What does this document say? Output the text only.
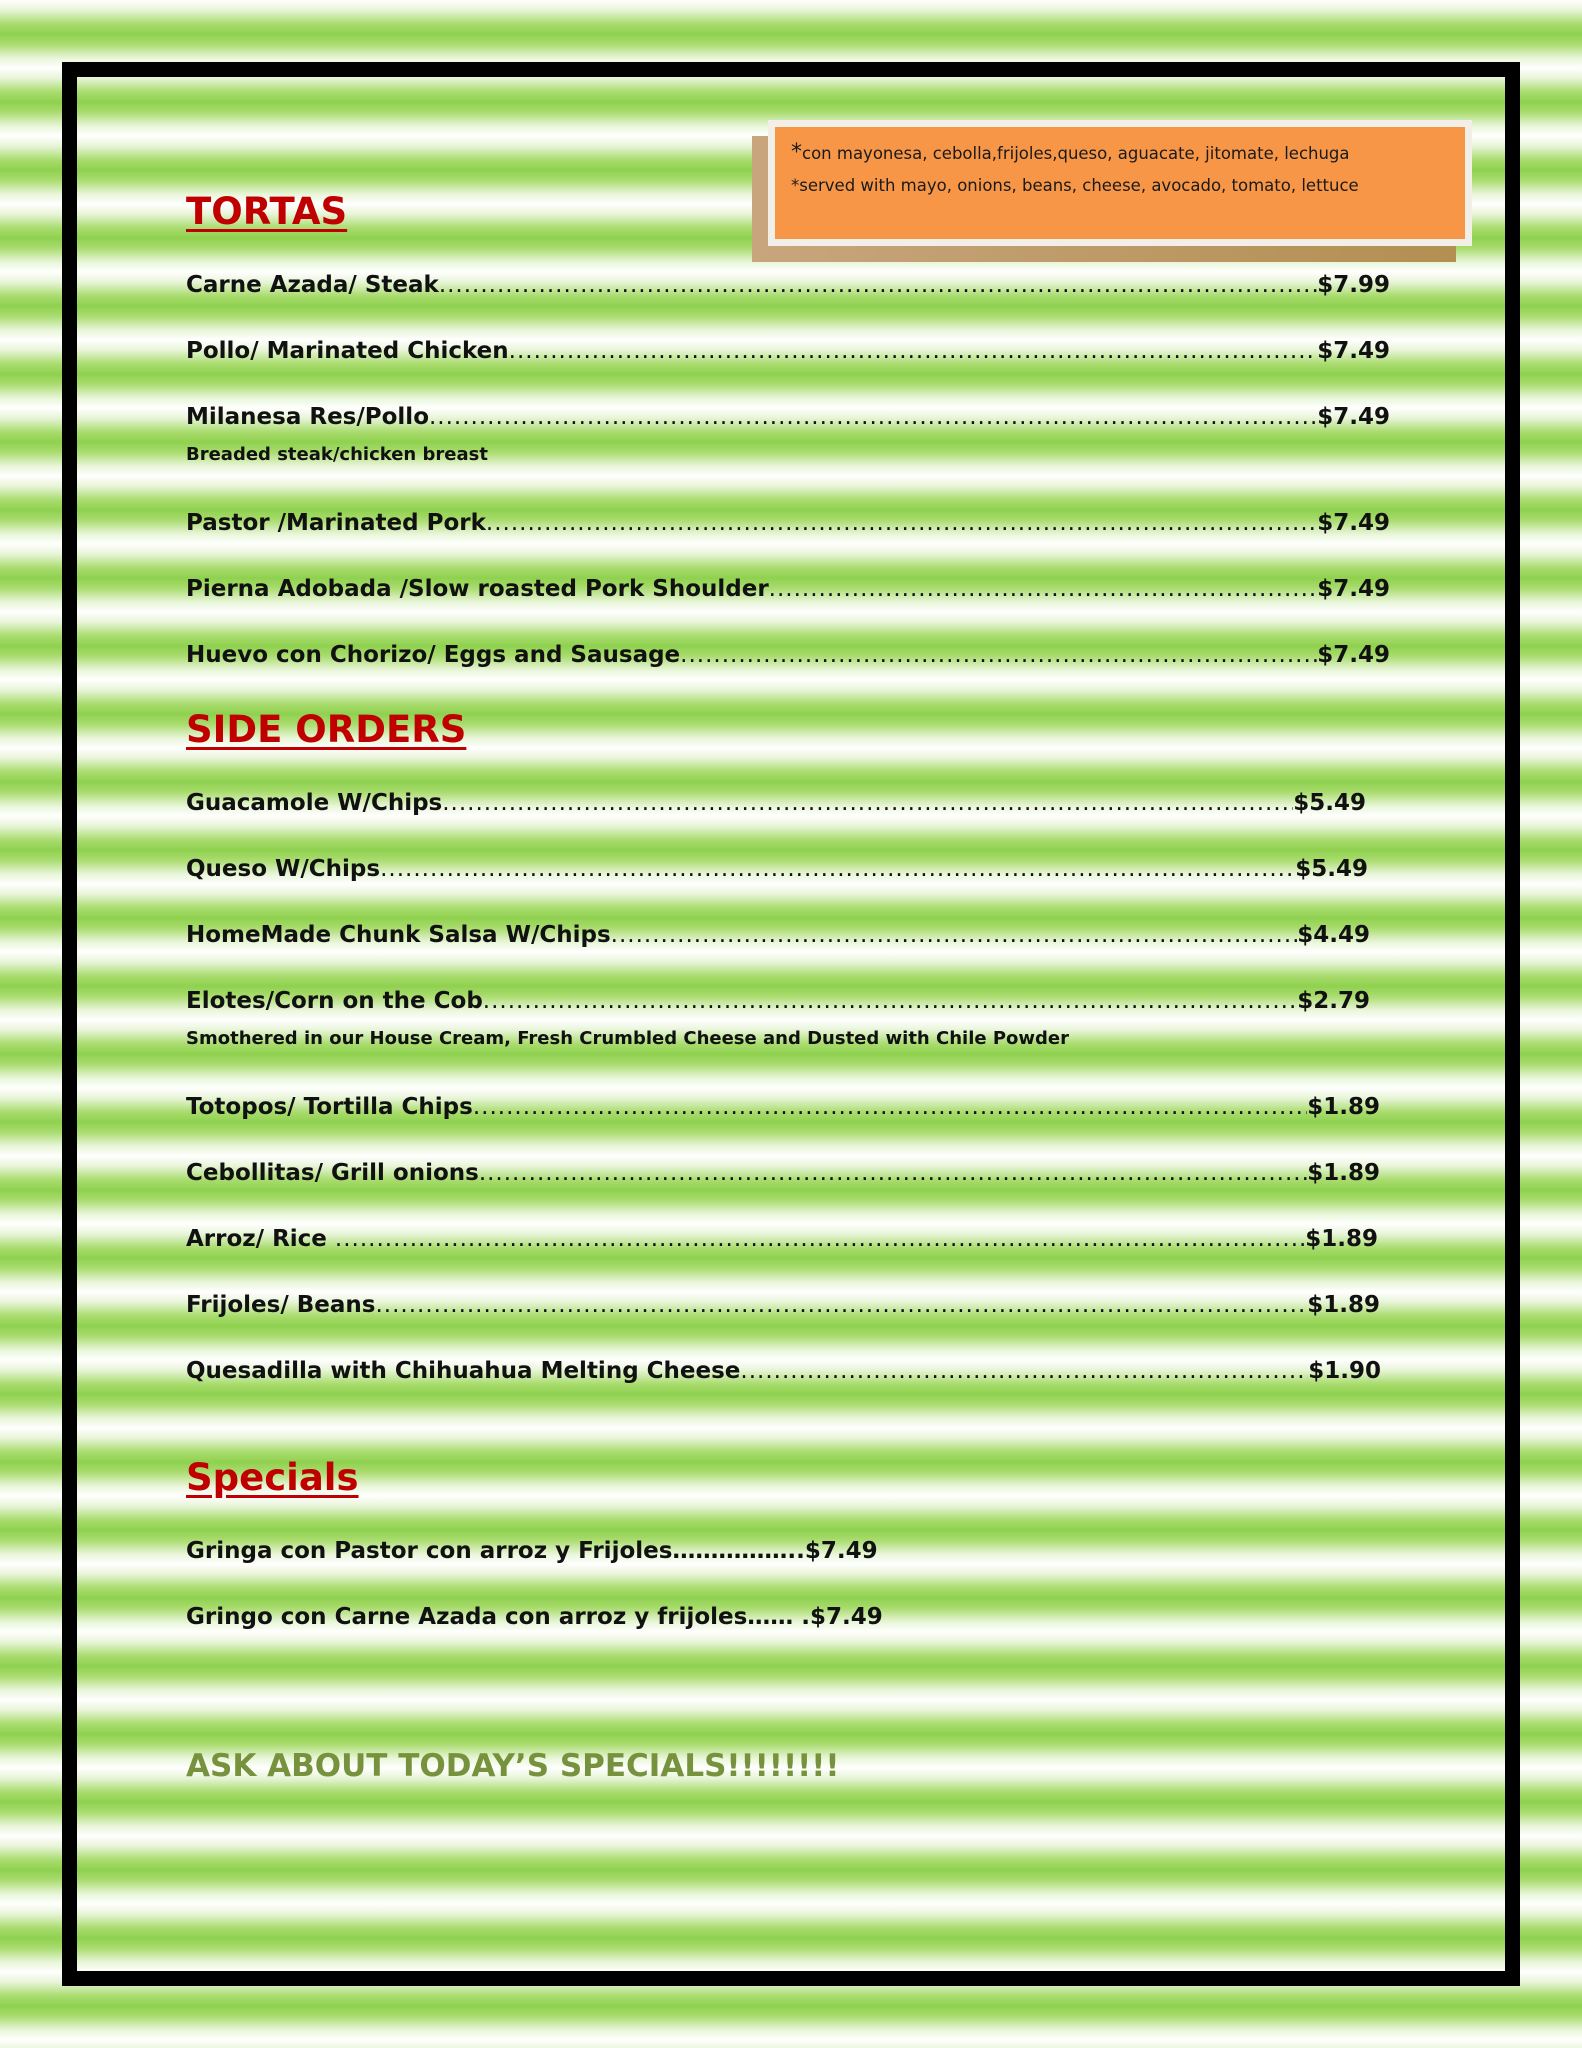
*con mayonesa, cebolla,frijoles,queso, aguacate, jitomate, lechuga
*served with mayo, onions, beans, cheese, avocado, tomato, lettuce
TORTAS
Carne Azada/ Steak .....	$7.99
Pollo/ Marinated Chicken .....	$7.49
Milanesa Res/Pollo .....	$7.49
Breaded steak/chicken breast
Pastor /Marinated Pork .....	$7.49
Pierna Adobada /Slow roasted Pork Shoulder .....	$7.49
Huevo con Chorizo/ Eggs and Sausage .....	$7.49
SIDE ORDERS
Guacamole W/Chips .....	$5.49
Queso W/Chips .....	$5.49
HomeMade Chunk Salsa W/Chips .....	$4.49
Elotes/Corn on the Cob .....	$2.79
Smothered in our House Cream, Fresh Crumbled Cheese and Dusted with Chile Powder
Totopos/ Tortilla Chips .....	$1.89
Cebollitas/ Grill onions .....	$1.89
Arroz/ Rice .....	$1.89
Frijoles/ Beans .....	$1.89
Quesadilla with Chihuahua Melting Cheese .....	$1.90
Specials
Gringa con Pastor con arroz y Frijoles……………..$7.49
Gringo con Carne Azada con arroz y frijoles…… .$7.49
ASK ABOUT TODAY’S SPECIALS!!!!!!!!
